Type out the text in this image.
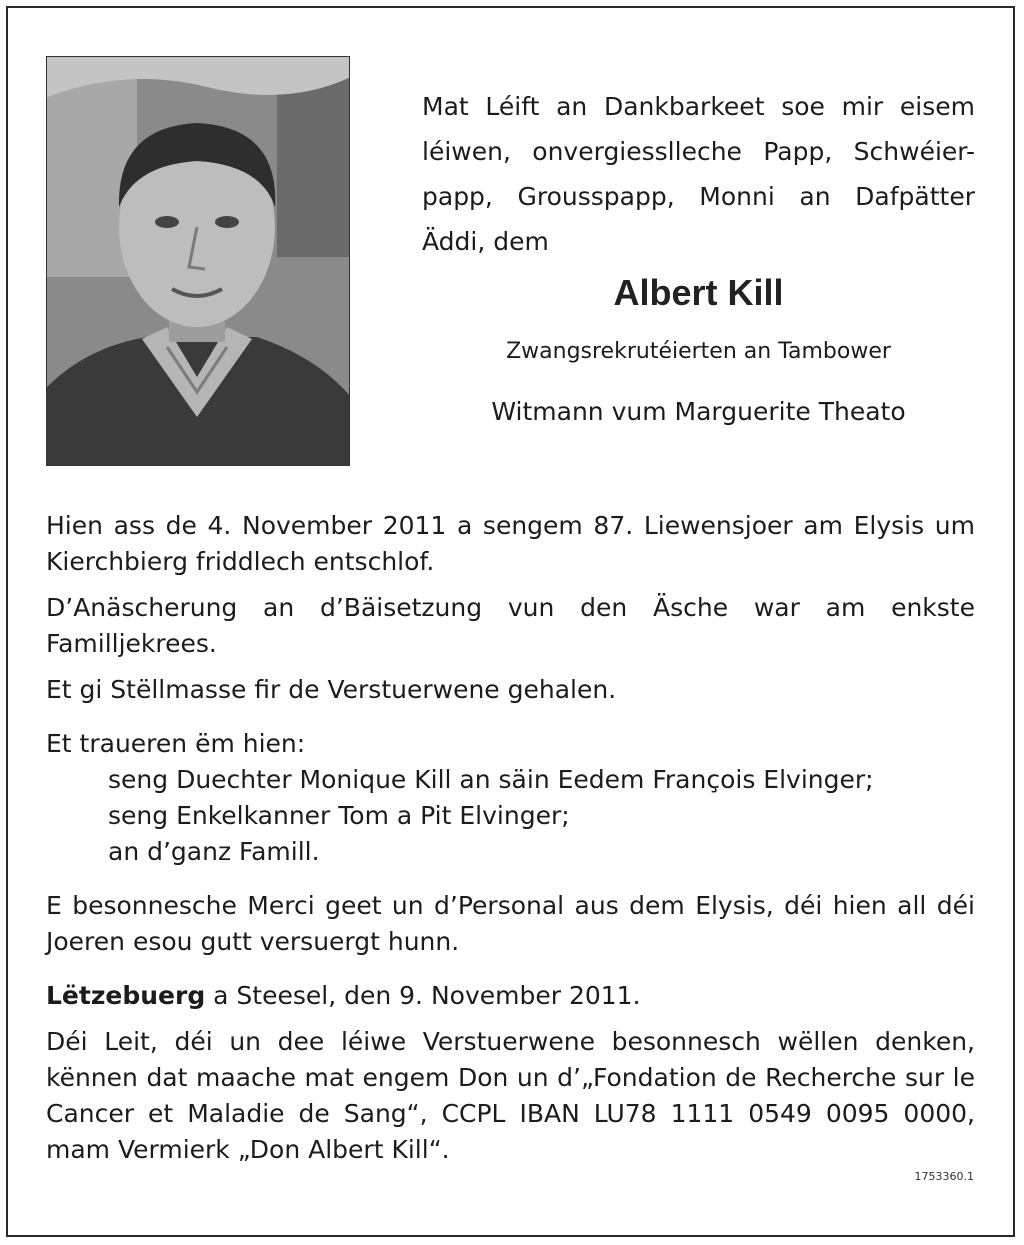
Mat Léift an Dankbarkeet soe mir eisem léiwen, onvergiesslleche Papp, Schwéier-papp, Grousspapp, Monni an Dafpätter Äddi, dem
Albert Kill
Zwangsrekrutéierten an Tambower
Witmann vum Marguerite Theato

Hien ass de 4. November 2011 a sengem 87. Liewensjoer am Elysis um Kierchbierg friddlech entschlof.

D’Anäscherung an d’Bäisetzung vun den Äsche war am enkste Familljekrees.

Et gi Stëllmasse fir de Verstuerwene gehalen.

Et traueren ëm hien:

seng Duechter Monique Kill an säin Eedem François Elvinger;
seng Enkelkanner Tom a Pit Elvinger;
an d’ganz Famill.

E besonnesche Merci geet un d’Personal aus dem Elysis, déi hien all déi Joeren esou gutt versuergt hunn.

Lëtzebuerg a Steesel, den 9. November 2011.

Déi Leit, déi un dee léiwe Verstuerwene besonnesch wëllen denken, kënnen dat maache mat engem Don un d’„Fondation de Recherche sur le Cancer et Maladie de Sang“, CCPL IBAN LU78 1111 0549 0095 0000, mam Vermierk „Don Albert Kill“.

1753360.1
